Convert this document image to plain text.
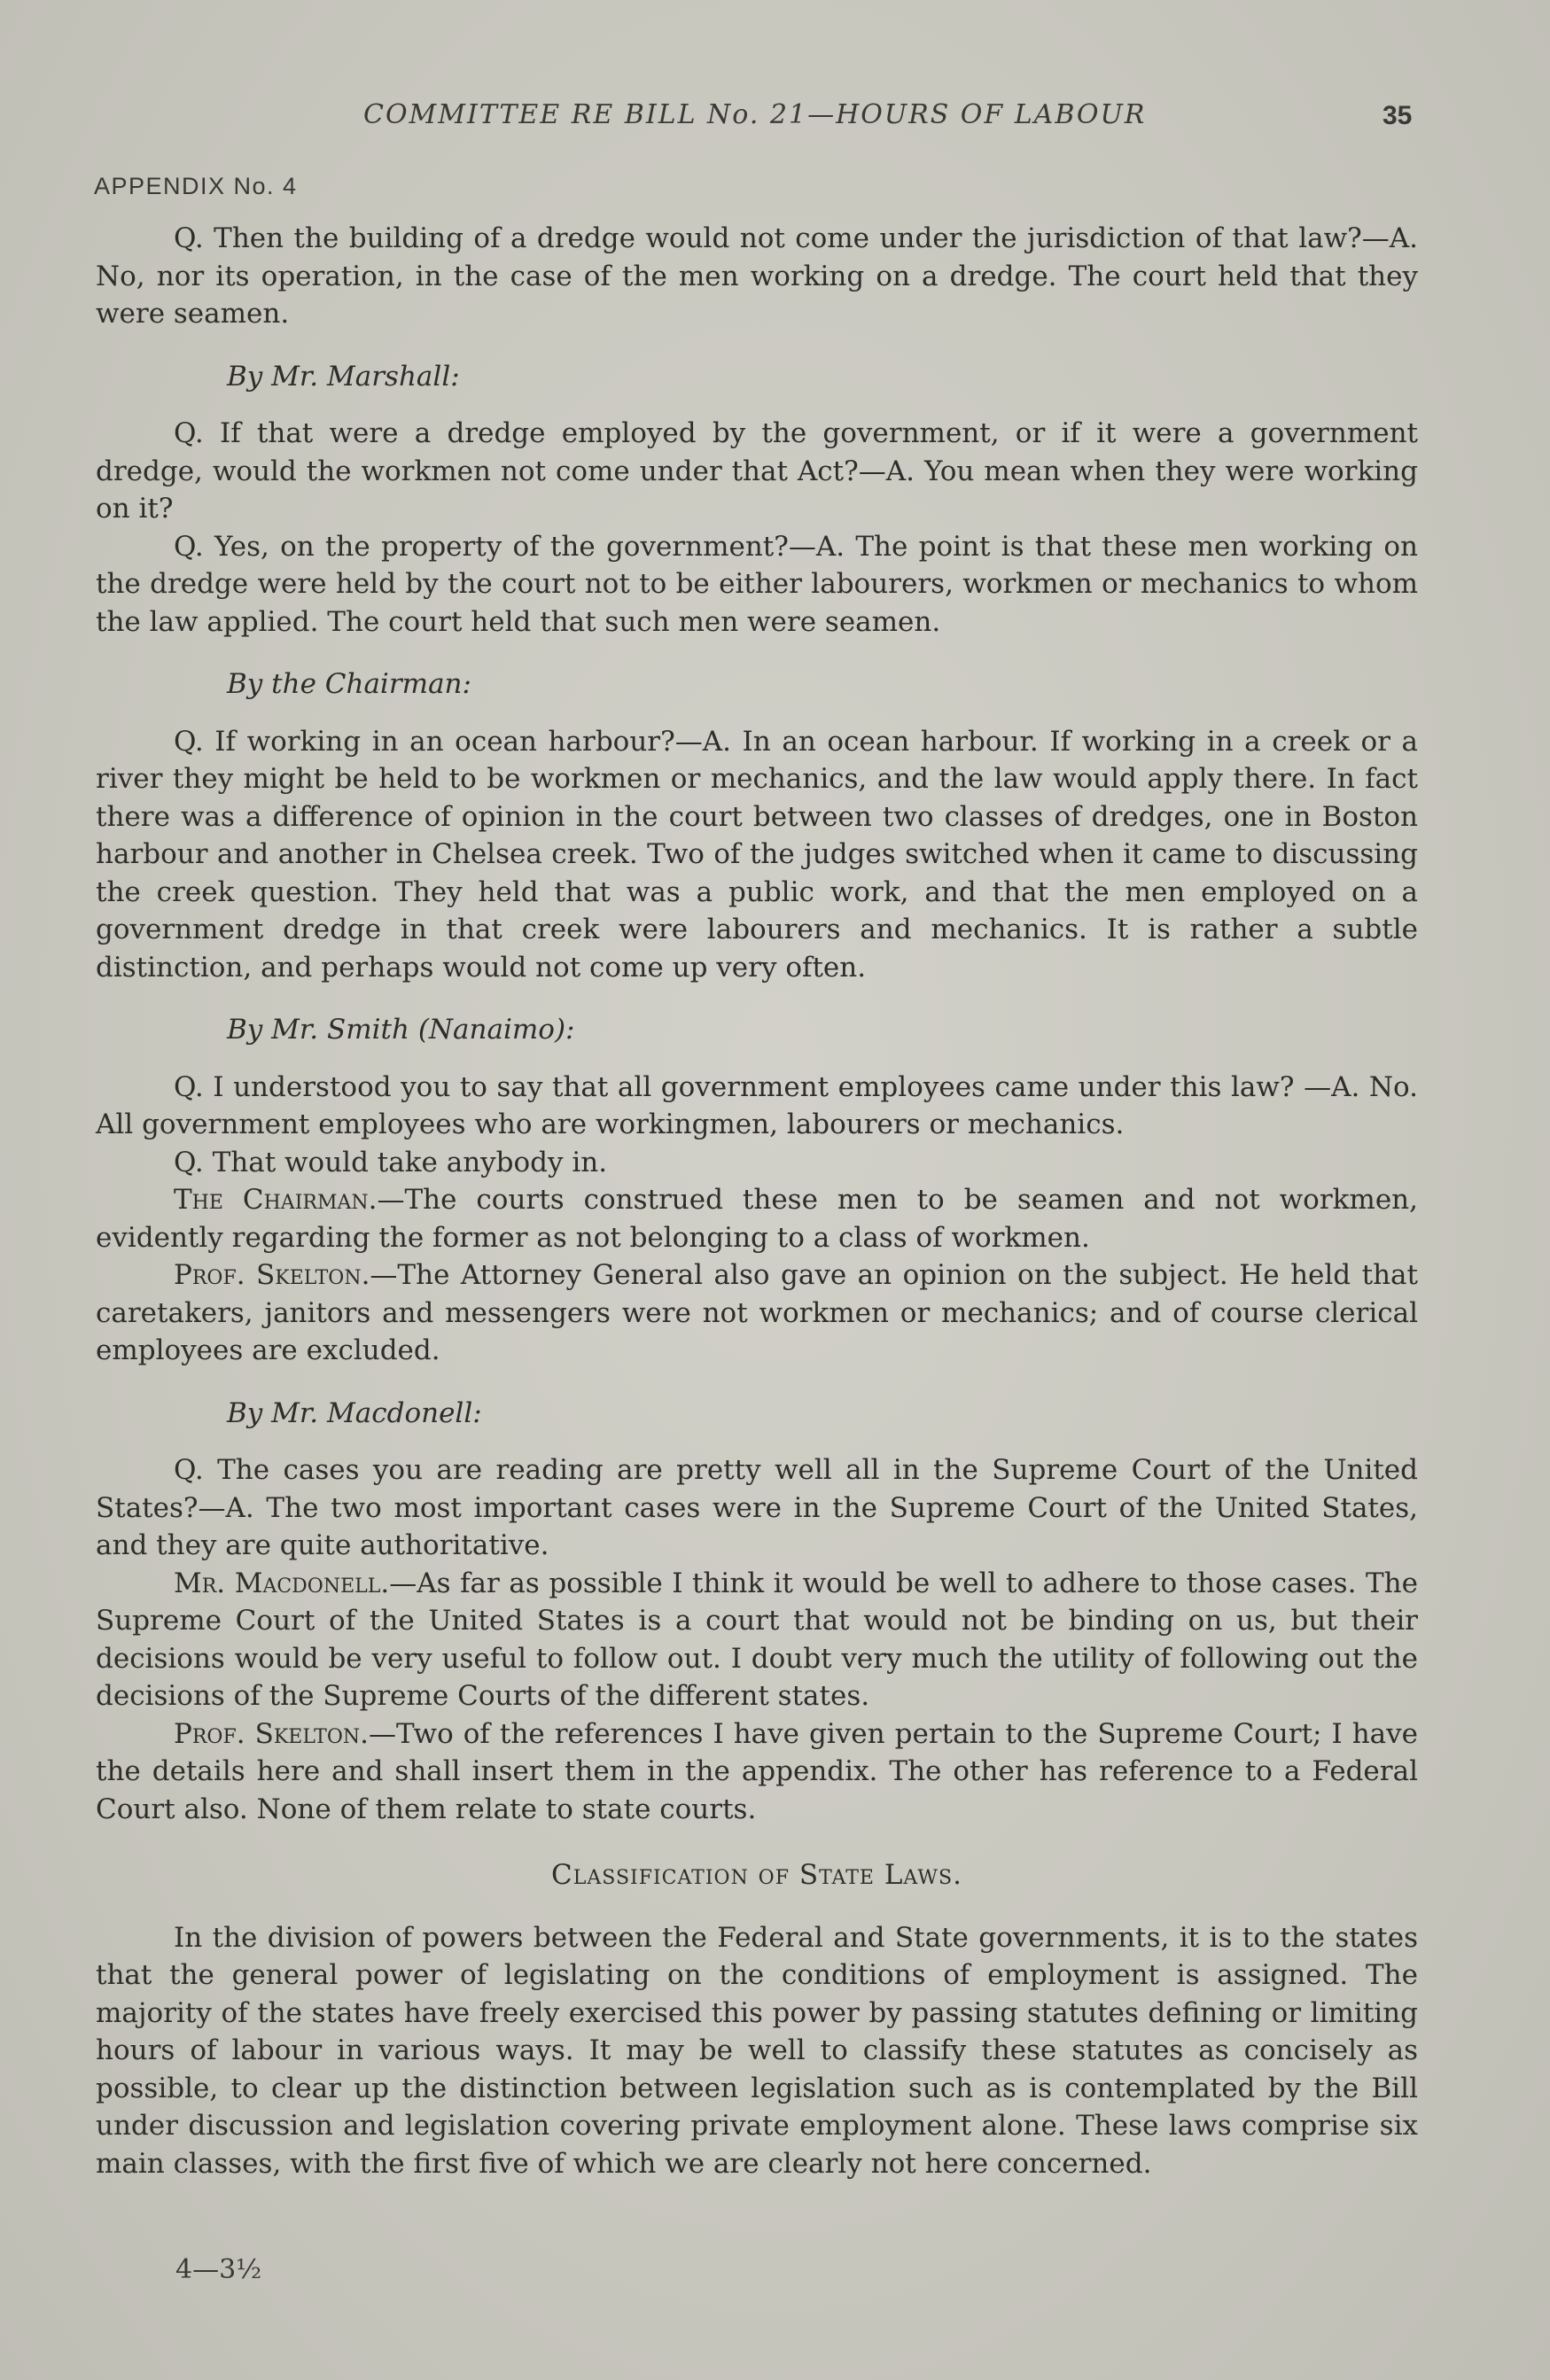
COMMITTEE RE BILL No. 21—HOURS OF LABOUR	35
APPENDIX No. 4

Q. Then the building of a dredge would not come under the jurisdiction of that law?—A. No, nor its operation, in the case of the men working on a dredge. The court held that they were seamen.

By Mr. Marshall:

Q. If that were a dredge employed by the government, or if it were a government dredge, would the workmen not come under that Act?—A. You mean when they were working on it?

Q. Yes, on the property of the government?—A. The point is that these men working on the dredge were held by the court not to be either labourers, workmen or mechanics to whom the law applied. The court held that such men were seamen.

By the Chairman:

Q. If working in an ocean harbour?—A. In an ocean harbour. If working in a creek or a river they might be held to be workmen or mechanics, and the law would apply there. In fact there was a difference of opinion in the court between two classes of dredges, one in Boston harbour and another in Chelsea creek. Two of the judges switched when it came to discussing the creek question. They held that was a public work, and that the men employed on a government dredge in that creek were labourers and mechanics. It is rather a subtle distinction, and perhaps would not come up very often.

By Mr. Smith (Nanaimo):

Q. I understood you to say that all government employees came under this law? —A. No. All government employees who are workingmen, labourers or mechanics.

Q. That would take anybody in.

The Chairman.—The courts construed these men to be seamen and not workmen, evidently regarding the former as not belonging to a class of workmen.

Prof. Skelton.—The Attorney General also gave an opinion on the subject. He held that caretakers, janitors and messengers were not workmen or mechanics; and of course clerical employees are excluded.

By Mr. Macdonell:

Q. The cases you are reading are pretty well all in the Supreme Court of the United States?—A. The two most important cases were in the Supreme Court of the United States, and they are quite authoritative.

Mr. Macdonell.—As far as possible I think it would be well to adhere to those cases. The Supreme Court of the United States is a court that would not be binding on us, but their decisions would be very useful to follow out. I doubt very much the utility of following out the decisions of the Supreme Courts of the different states.

Prof. Skelton.—Two of the references I have given pertain to the Supreme Court; I have the details here and shall insert them in the appendix. The other has reference to a Federal Court also. None of them relate to state courts.

Classification of State Laws.

In the division of powers between the Federal and State governments, it is to the states that the general power of legislating on the conditions of employment is assigned. The majority of the states have freely exercised this power by passing statutes defining or limiting hours of labour in various ways. It may be well to classify these statutes as concisely as possible, to clear up the distinction between legislation such as is contemplated by the Bill under discussion and legislation covering private employment alone. These laws comprise six main classes, with the first five of which we are clearly not here concerned.

4—3½
